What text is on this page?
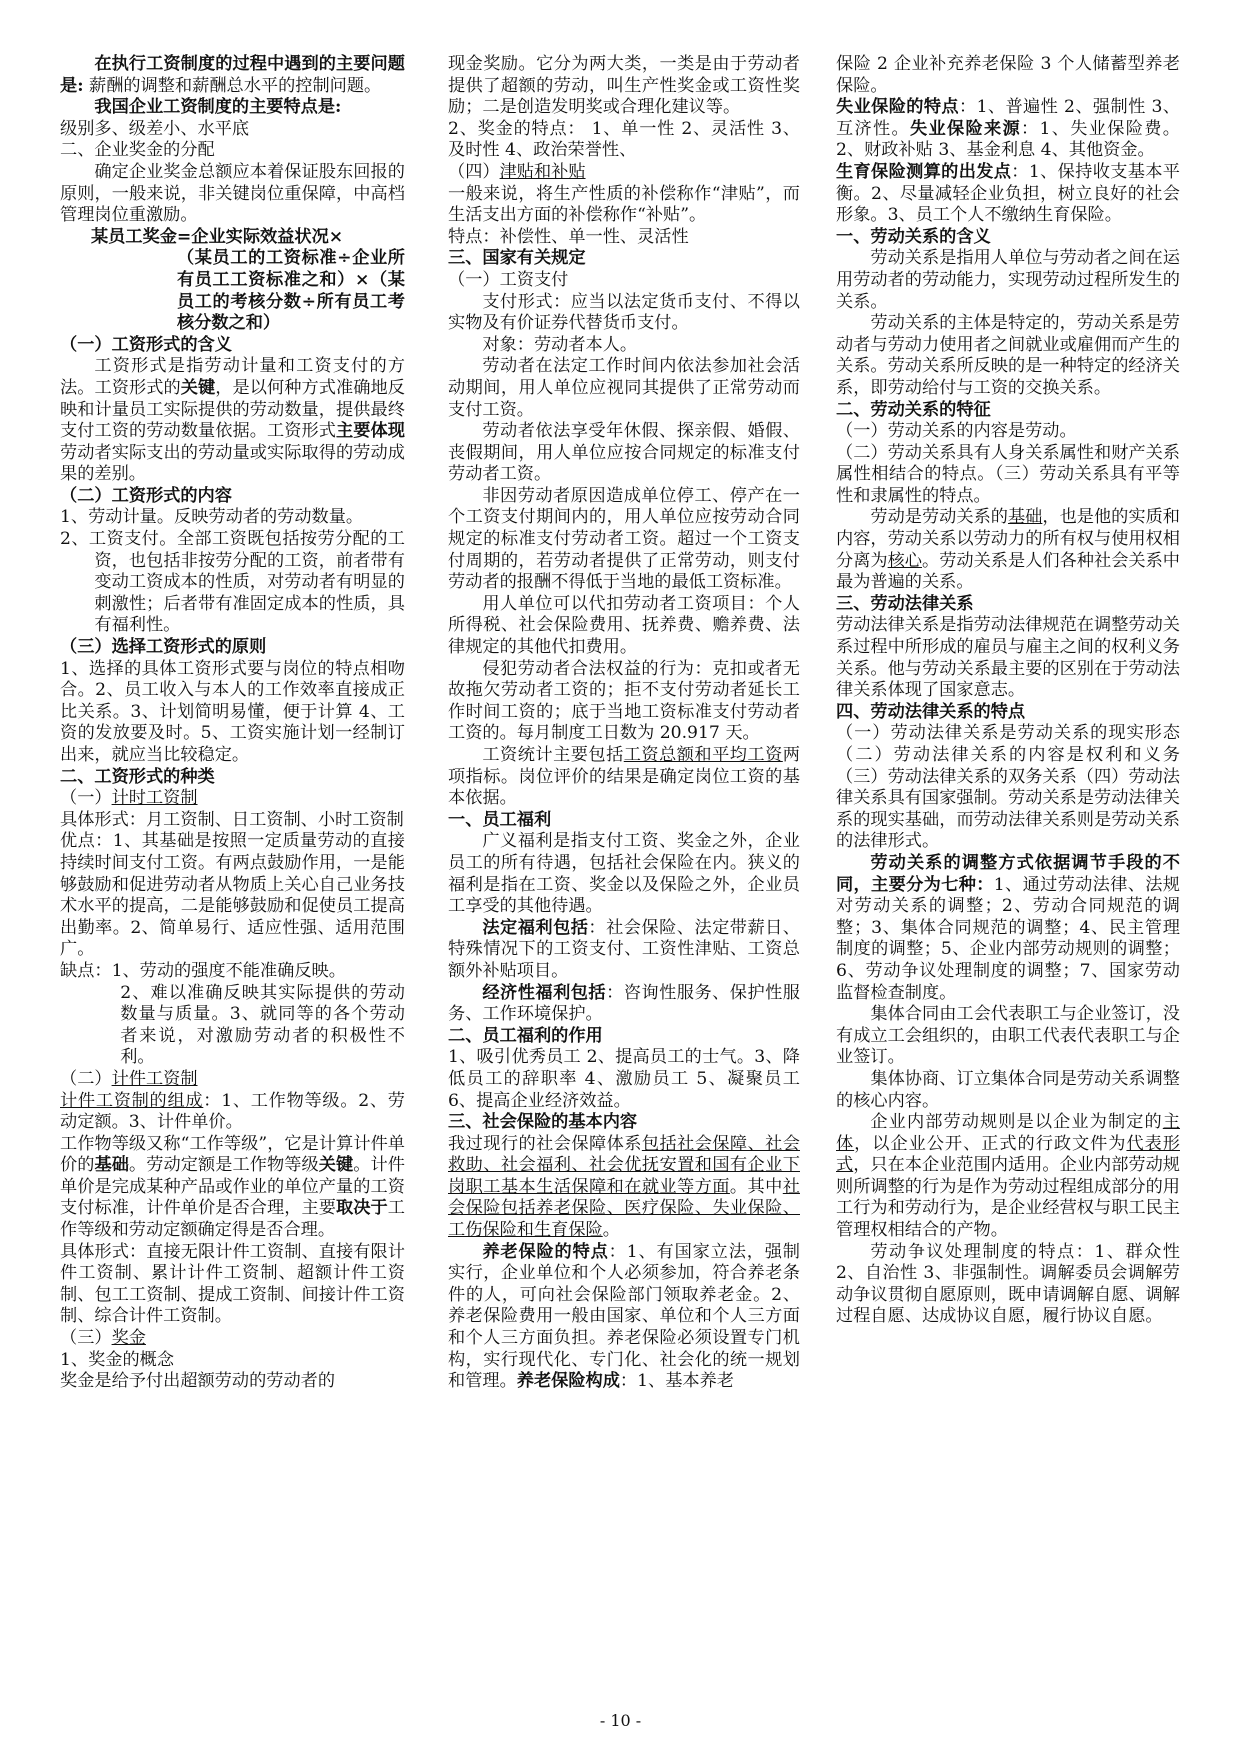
在执行工资制度的过程中遇到的主要问题是: 薪酬的调整和薪酬总水平的控制问题。

我国企业工资制度的主要特点是:

级别多、级差小、水平底

二、企业奖金的分配

确定企业奖金总额应本着保证股东回报的原则，一般来说，非关键岗位重保障，中高档管理岗位重激励。

某员工奖金=企业实际效益状况×

（某员工的工资标准÷企业所有员工工资标准之和）×（某员工的考核分数÷所有员工考核分数之和）

（一）工资形式的含义

工资形式是指劳动计量和工资支付的方法。工资形式的关键，是以何种方式准确地反映和计量员工实际提供的劳动数量，提供最终支付工资的劳动数量依据。工资形式主要体现劳动者实际支出的劳动量或实际取得的劳动成果的差别。

（二）工资形式的内容

1、劳动计量。反映劳动者的劳动数量。

2、工资支付。全部工资既包括按劳分配的工资，也包括非按劳分配的工资，前者带有变动工资成本的性质，对劳动者有明显的刺激性；后者带有准固定成本的性质，具有福利性。

（三）选择工资形式的原则

1、选择的具体工资形式要与岗位的特点相吻合。2、员工收入与本人的工作效率直接成正比关系。3、计划简明易懂，便于计算 4、工资的发放要及时。5、工资实施计划一经制订出来，就应当比较稳定。

二、工资形式的种类

（一）计时工资制

具体形式：月工资制、日工资制、小时工资制

优点：1、其基础是按照一定质量劳动的直接持续时间支付工资。有两点鼓励作用，一是能够鼓励和促进劳动者从物质上关心自己业务技术水平的提高，二是能够鼓励和促使员工提高出勤率。2、简单易行、适应性强、适用范围广。

缺点：1、劳动的强度不能准确反映。

2、难以准确反映其实际提供的劳动数量与质量。3、就同等的各个劳动者来说，对激励劳动者的积极性不利。

（二）计件工资制

计件工资制的组成：1、工作物等级。2、劳动定额。3、计件单价。

工作物等级又称“工作等级”，它是计算计件单价的基础。劳动定额是工作物等级关键。计件单价是完成某种产品或作业的单位产量的工资支付标准，计件单价是否合理，主要取决于工作等级和劳动定额确定得是否合理。

具体形式：直接无限计件工资制、直接有限计件工资制、累计计件工资制、超额计件工资制、包工工资制、提成工资制、间接计件工资制、综合计件工资制。

（三）奖金

1、奖金的概念

奖金是给予付出超额劳动的劳动者的

现金奖励。它分为两大类，一类是由于劳动者提供了超额的劳动，叫生产性奖金或工资性奖励；二是创造发明奖或合理化建议等。

2、奖金的特点： 1、单一性 2、灵活性 3、及时性 4、政治荣誉性、

（四）津贴和补贴

一般来说，将生产性质的补偿称作“津贴”，而生活支出方面的补偿称作“补贴”。

特点：补偿性、单一性、灵活性

三、国家有关规定

（一）工资支付

支付形式：应当以法定货币支付、不得以实物及有价证券代替货币支付。

对象：劳动者本人。

劳动者在法定工作时间内依法参加社会活动期间，用人单位应视同其提供了正常劳动而支付工资。

劳动者依法享受年休假、探亲假、婚假、丧假期间，用人单位应按合同规定的标准支付劳动者工资。

非因劳动者原因造成单位停工、停产在一个工资支付期间内的，用人单位应按劳动合同规定的标准支付劳动者工资。超过一个工资支付周期的，若劳动者提供了正常劳动，则支付劳动者的报酬不得低于当地的最低工资标准。

用人单位可以代扣劳动者工资项目：个人所得税、社会保险费用、抚养费、赡养费、法律规定的其他代扣费用。

侵犯劳动者合法权益的行为：克扣或者无故拖欠劳动者工资的；拒不支付劳动者延长工作时间工资的；底于当地工资标准支付劳动者工资的。每月制度工日数为 20.917 天。

工资统计主要包括工资总额和平均工资两项指标。岗位评价的结果是确定岗位工资的基本依据。

一、员工福利

广义福利是指支付工资、奖金之外，企业员工的所有待遇，包括社会保险在内。狭义的福利是指在工资、奖金以及保险之外，企业员工享受的其他待遇。

法定福利包括：社会保险、法定带薪日、特殊情况下的工资支付、工资性津贴、工资总额外补贴项目。

经济性福利包括：咨询性服务、保护性服务、工作环境保护。

二、员工福利的作用

1、吸引优秀员工 2、提高员工的士气。3、降低员工的辞职率 4、激励员工 5、凝聚员工 6、提高企业经济效益。

三、社会保险的基本内容

我过现行的社会保障体系包括社会保障、社会救助、社会福利、社会优抚安置和国有企业下岗职工基本生活保障和在就业等方面。其中社会保险包括养老保险、医疗保险、失业保险、工伤保险和生育保险。

养老保险的特点：1、有国家立法，强制实行，企业单位和个人必须参加，符合养老条件的人，可向社会保险部门领取养老金。2、养老保险费用一般由国家、单位和个人三方面和个人三方面负担。养老保险必须设置专门机构，实行现代化、专门化、社会化的统一规划和管理。养老保险构成：1、基本养老

保险 2 企业补充养老保险 3 个人储蓄型养老保险。

失业保险的特点：1、普遍性 2、强制性 3、互济性。失业保险来源：1、失业保险费。2、财政补贴 3、基金利息 4、其他资金。

生育保险测算的出发点：1、保持收支基本平衡。2、尽量减轻企业负担，树立良好的社会形象。3、员工个人不缴纳生育保险。

一、劳动关系的含义

劳动关系是指用人单位与劳动者之间在运用劳动者的劳动能力，实现劳动过程所发生的关系。

劳动关系的主体是特定的，劳动关系是劳动者与劳动力使用者之间就业或雇佣而产生的关系。劳动关系所反映的是一种特定的经济关系，即劳动给付与工资的交换关系。

二、劳动关系的特征

（一）劳动关系的内容是劳动。

（二）劳动关系具有人身关系属性和财产关系属性相结合的特点。（三）劳动关系具有平等性和隶属性的特点。

劳动是劳动关系的基础，也是他的实质和内容，劳动关系以劳动力的所有权与使用权相分离为核心。劳动关系是人们各种社会关系中最为普遍的关系。

三、劳动法律关系

劳动法律关系是指劳动法律规范在调整劳动关系过程中所形成的雇员与雇主之间的权利义务关系。他与劳动关系最主要的区别在于劳动法律关系体现了国家意志。

四、劳动法律关系的特点

（一）劳动法律关系是劳动关系的现实形态（二）劳动法律关系的内容是权利和义务（三）劳动法律关系的双务关系（四）劳动法律关系具有国家强制。劳动关系是劳动法律关系的现实基础，而劳动法律关系则是劳动关系的法律形式。

劳动关系的调整方式依据调节手段的不同，主要分为七种：1、通过劳动法律、法规对劳动关系的调整；2、劳动合同规范的调整；3、集体合同规范的调整；4、民主管理制度的调整；5、企业内部劳动规则的调整；6、劳动争议处理制度的调整；7、国家劳动监督检查制度。

集体合同由工会代表职工与企业签订，没有成立工会组织的，由职工代表代表职工与企业签订。

集体协商、订立集体合同是劳动关系调整的核心内容。

企业内部劳动规则是以企业为制定的主体，以企业公开、正式的行政文件为代表形式，只在本企业范围内适用。企业内部劳动规则所调整的行为是作为劳动过程组成部分的用工行为和劳动行为，是企业经营权与职工民主管理权相结合的产物。

劳动争议处理制度的特点：1、群众性 2、自治性 3、非强制性。调解委员会调解劳动争议贯彻自愿原则，既申请调解自愿、调解过程自愿、达成协议自愿，履行协议自愿。

- 10 -
